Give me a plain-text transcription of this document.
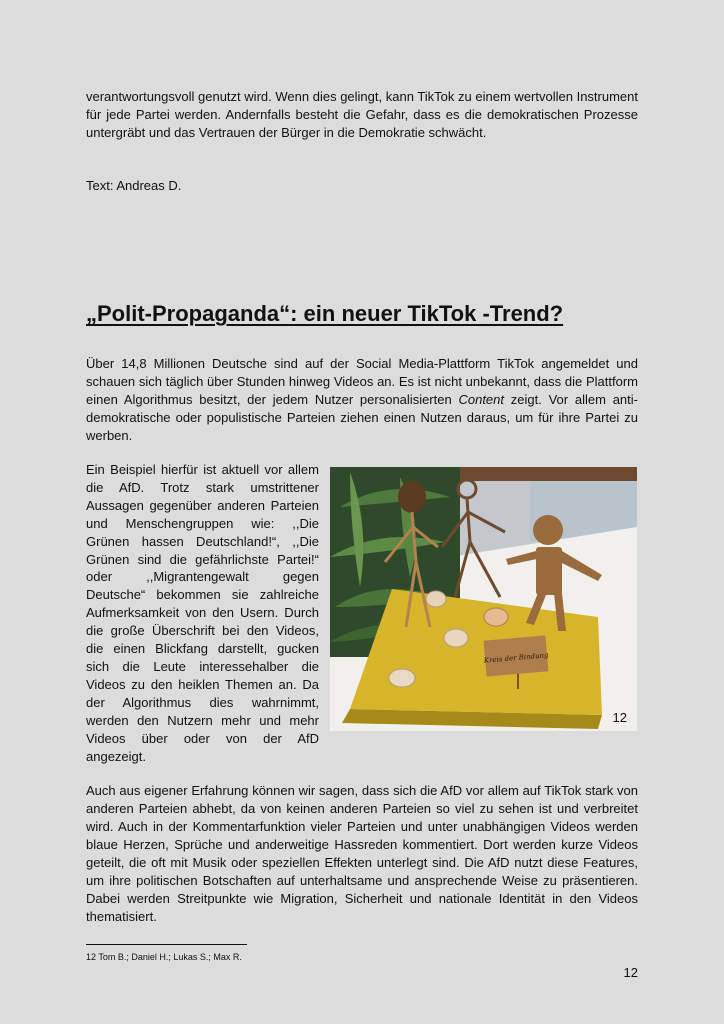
verantwortungsvoll genutzt wird. Wenn dies gelingt, kann TikTok zu einem wertvollen Instrument für jede Partei werden. Andernfalls besteht die Gefahr, dass es die demokratischen Prozesse untergräbt und das Vertrauen der Bürger in die Demokratie schwächt.

Text: Andreas D.

„Polit-Propaganda“: ein neuer TikTok -Trend?

Über 14,8 Millionen Deutsche sind auf der Social Media-Plattform TikTok angemeldet und schauen sich täglich über Stunden hinweg Videos an. Es ist nicht unbekannt, dass die Plattform einen Algorithmus besitzt, der jedem Nutzer personalisierten Content zeigt. Vor allem anti-demokratische oder populistische Parteien ziehen einen Nutzen daraus, um für ihre Partei zu werben.

Ein Beispiel hierfür ist aktuell vor allem die AfD. Trotz stark umstrittener Aussagen gegenüber anderen Parteien und Menschengruppen wie: ,,Die Grünen hassen Deutschland!“, ,,Die Grünen sind die gefährlichste Partei!“ oder ,,Migrantengewalt gegen Deutsche“ bekommen sie zahlreiche Aufmerksamkeit von den Usern. Durch die große Überschrift bei den Videos, die einen Blickfang darstellt, gucken sich die Leute interessehalber die Videos zu den heiklen Themen an. Da der Algorithmus dies wahrnimmt, werden den Nutzern mehr und mehr Videos über oder von der AfD angezeigt.

Kreis der Bindung
12

Auch aus eigener Erfahrung können wir sagen, dass sich die AfD vor allem auf TikTok stark von anderen Parteien abhebt, da von keinen anderen Parteien so viel zu sehen ist und verbreitet wird. Auch in der Kommentarfunktion vieler Parteien und unter unabhängigen Videos werden blaue Herzen, Sprüche und anderweitige Hassreden kommentiert. Dort werden kurze Videos geteilt, die oft mit Musik oder speziellen Effekten unterlegt sind. Die AfD nutzt diese Features, um ihre politischen Botschaften auf unterhaltsame und ansprechende Weise zu präsentieren. Dabei werden Streitpunkte wie Migration, Sicherheit und nationale Identität in den Videos thematisiert.

12 Tom B.; Daniel H.; Lukas S.; Max R.
12
